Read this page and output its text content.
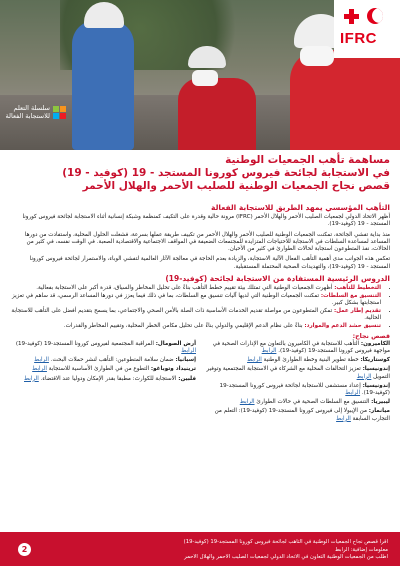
سلسلة التعلم
للاستجابة الفعالة
IFRC
مساهمة تأهب الجمعيات الوطنية
في الاستجابة لجائحة فيروس كورونا المستجد - 19 (كوفيد - 19)
قصص نجاح الجمعيات الوطنية للصليب الأحمر والهلال الأحمر
التأهب المؤسسي يمهد الطريق للاستجابة الفعالة

أظهر الاتحاد الدولي لجمعيات الصليب الأحمر والهلال الأحمر (IFRC) مرونة حالية وقدرة على التكيف كمنظمة وشبكة إنسانية أثناء الاستجابة لجائحة فيروس كورونا المستجد - 19 (كوفيد-19).

منذ بداية تفشي الجائحة، تمكنت الجمعيات الوطنية للصليب الأحمر والهلال الأحمر من تكييف طريقة عملها بسرعة، فشغلت الحلول المحلية، واستفادت من دورها المساعد لمساعدة السلطات في الاستجابة للاحتياجات المتزايدة للمجتمعات الضعيفة في المواقف الاجتماعية والاقتصادية الصعبة. في الوقت نفسه، في كثير من الحالات، نفذ المتطوعون استجابة لحالات الطوارئ في كثير من الأحيان.

تعكس هذه الجوانب مدى أهمية التأهب الفعال الآلية الاستجابة، والزيادة بعدم الحاجة في معالجة الآثار العالمية لتفشي الوباء، والاستمرار لجائحة فيروس كورونا المستجد - 19 (كوفيد-19)، والتهديدات الصحية المحتملة المستقبلية.

الدروس الرئيسية المستفادة من الاستجابة لجائحة (كوفيد-19)
• التخطيط للتأهب: أظهرت الجمعيات الوطنية التي تمتلك بيئة تقييم خطط التأهب بناءً على تحليل المخاطر والسياق، قدرة أكبر على الاستجابة بفعالية.
• التنسيق مع السلطات: تمكنت الجمعيات الوطنية التي لديها آليات تنسيق مع السلطات، بما في ذلك فيما يعزز في دورها المساعد الرسمي، قد ساهم في تعزيز استجابتها بشكل كبير.
• تقديم إطار عمل: تمكن المتطوعون من مواصلة تقديم الخدمات الأساسية ذات الصلة بالأمن الصحي والاجتماعي، بما يسمح بتقديم أفضل على التأهب للاستجابة الحالية.
• تنسيق حشد الدعم والموارد: بناءً على نظام الدعم الإقليمي والدولي بناءً على تحليل مكامن الخطر المحلية، وتقييم المخاطر والقدرات.
قصص نجاح:
الكاميرون: التأهب للاستجابة في الكاميرون بالتعاون مع الإدارات الصحية في مواجهة فيروس كورونا المستجد-19 (كوفيد-19). الرابط
كوستاريكا: خطة تطوير البنية وخطة الطوارئ الوطنية الرابط
إندونيسيا: تعزيز التحالفات المحلية مع الشركاء في الاستجابة المجتمعية وتوفير التمويل الرابط
إندونيسيا: إعداد مستشفى للاستجابة لجائحة فيروس كورونا المستجد-19 (كوفيد-19). الرابط
ليبيريا: التنسيق مع السلطات الصحية في حالات الطوارئ الرابط
ميانمار: من الإيبولا إلى فيروس كورونا المستجد-19 (كوفيد-19): التعلم من التجارب السابقة الرابط
أرض الصومال: المراقبة المجتمعية لفيروس كورونا المستجد-19 (كوفيد-19) الرابط
إسبانيا: ضمان سلامة المتطوعين: التأهب لنشر حملات البحث. الرابط
ترينيداد وتوباغو: التطوع من في الطوارئ الأساسية للاستجابة الرابط
فلبين: الاستجابة للكوارث: مطبقا بقدر الإمكان ودوليا عند الاقتضاء. الرابط
2
اقرأ قصص نجاح الجمعيات الوطنية في التأهب لجائحة فيروس كورونا المستجد-19 (كوفيد-19)
معلومات إضافية: الرابط
اطلب من الجمعيات الوطنية التعاون في الاتحاد الدولي لجمعيات الصليب الأحمر والهلال الأحمر
